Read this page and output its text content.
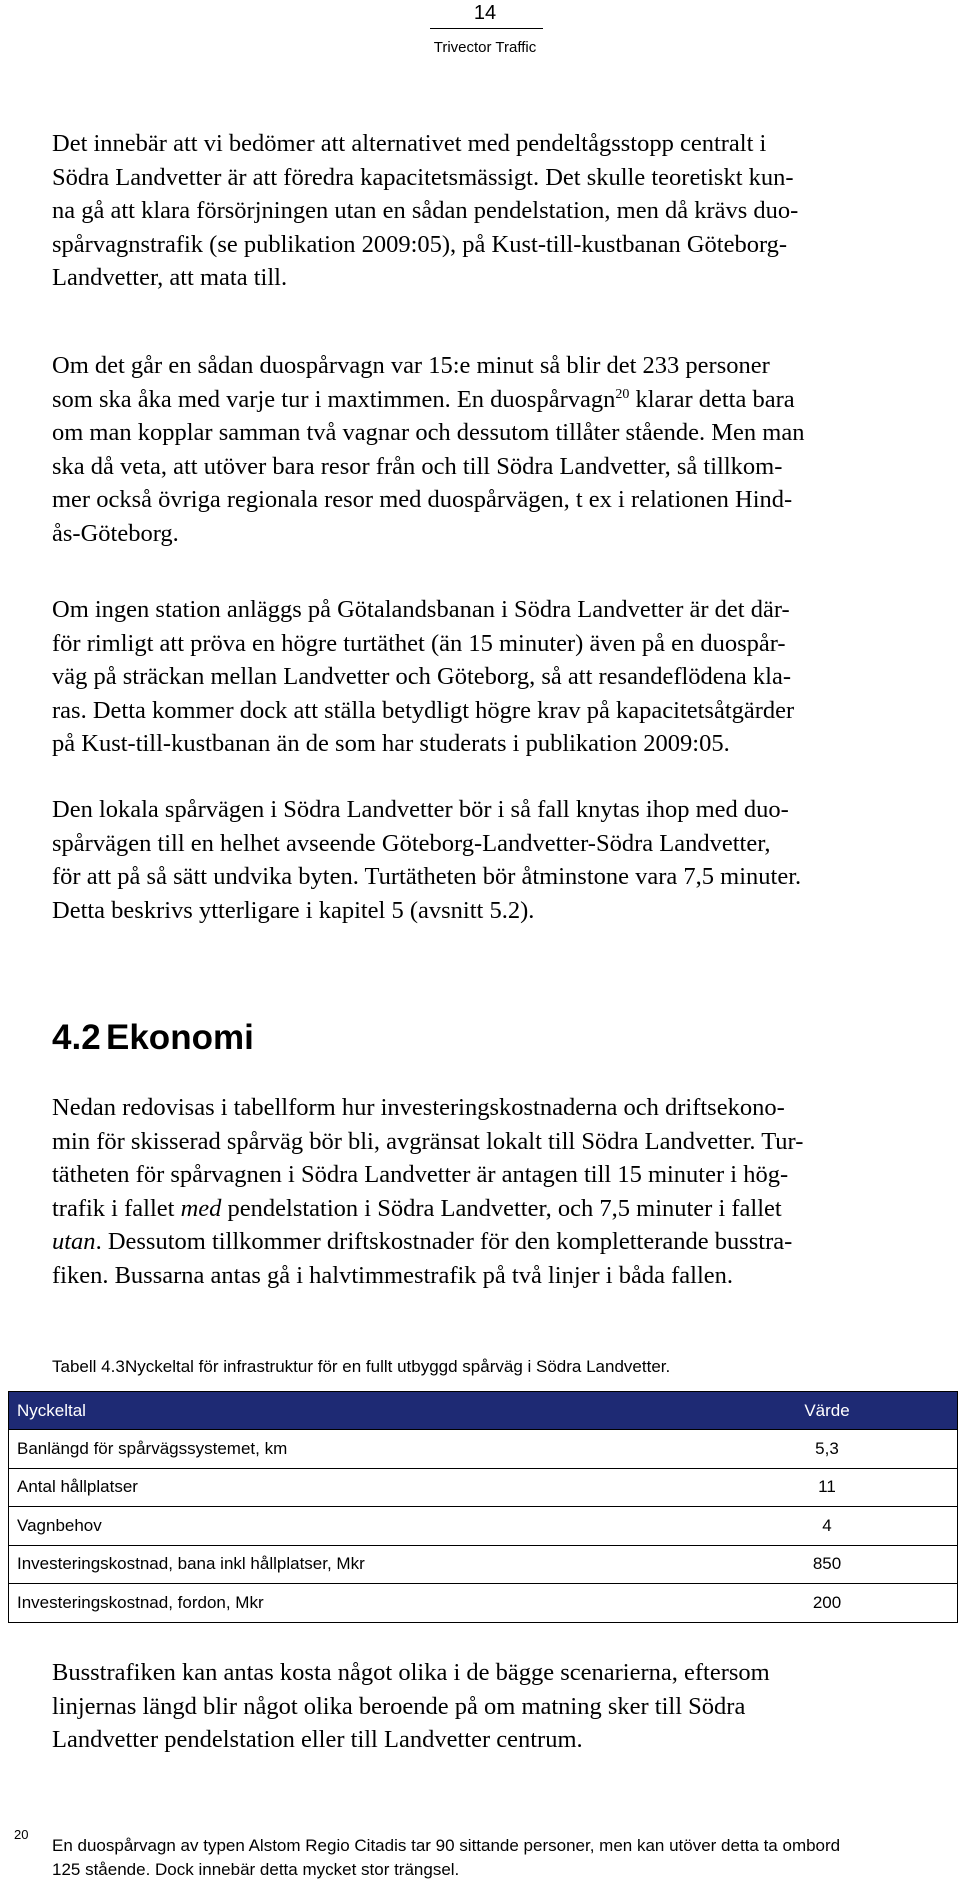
14
Trivector Traffic

Det innebär att vi bedömer att alternativet med pendeltågsstopp centralt i
Södra Landvetter är att föredra kapacitetsmässigt. Det skulle teoretiskt kun-
na gå att klara försörjningen utan en sådan pendelstation, men då krävs duo-
spårvagnstrafik (se publikation 2009:05), på Kust-till-kustbanan Göteborg-
Landvetter, att mata till.

Om det går en sådan duospårvagn var 15:e minut så blir det 233 personer
som ska åka med varje tur i maxtimmen. En duospårvagn$^{20}$ klarar detta bara
om man kopplar samman två vagnar och dessutom tillåter stående. Men man
ska då veta, att utöver bara resor från och till Södra Landvetter, så tillkom-
mer också övriga regionala resor med duospårvägen, t ex i relationen Hind-
ås-Göteborg.

Om ingen station anläggs på Götalandsbanan i Södra Landvetter är det där-
för rimligt att pröva en högre turtäthet (än 15 minuter) även på en duospår-
väg på sträckan mellan Landvetter och Göteborg, så att resandeflödena kla-
ras. Detta kommer dock att ställa betydligt högre krav på kapacitetsåtgärder
på Kust-till-kustbanan än de som har studerats i publikation 2009:05.

Den lokala spårvägen i Södra Landvetter bör i så fall knytas ihop med duo-
spårvägen till en helhet avseende Göteborg-Landvetter-Södra Landvetter,
för att på så sätt undvika byten. Turtätheten bör åtminstone vara 7,5 minuter.
Detta beskrivs ytterligare i kapitel 5 (avsnitt 5.2).

4.2 Ekonomi

Nedan redovisas i tabellform hur investeringskostnaderna och driftsekono-
min för skisserad spårväg bör bli, avgränsat lokalt till Södra Landvetter. Tur-
tätheten för spårvagnen i Södra Landvetter är antagen till 15 minuter i hög-
trafik i fallet med pendelstation i Södra Landvetter, och 7,5 minuter i fallet
utan. Dessutom tillkommer driftskostnader för den kompletterande busstra-
fiken. Bussarna antas gå i halvtimmestrafik på två linjer i båda fallen.

Tabell 4.3.Nyckeltal för infrastruktur för en fullt utbyggd spårväg i Södra Landvetter.
Nyckeltal	Värde
Banlängd för spårvägssystemet, km	5,3
Antal hållplatser	11
Vagnbehov	4
Investeringskostnad, bana inkl hållplatser, Mkr	850
Investeringskostnad, fordon, Mkr	200

Busstrafiken kan antas kosta något olika i de bägge scenarierna, eftersom
linjernas längd blir något olika beroende på om matning sker till Södra
Landvetter pendelstation eller till Landvetter centrum.

20
En duospårvagn av typen Alstom Regio Citadis tar 90 sittande personer, men kan utöver detta ta ombord
125 stående. Dock innebär detta mycket stor trängsel.
